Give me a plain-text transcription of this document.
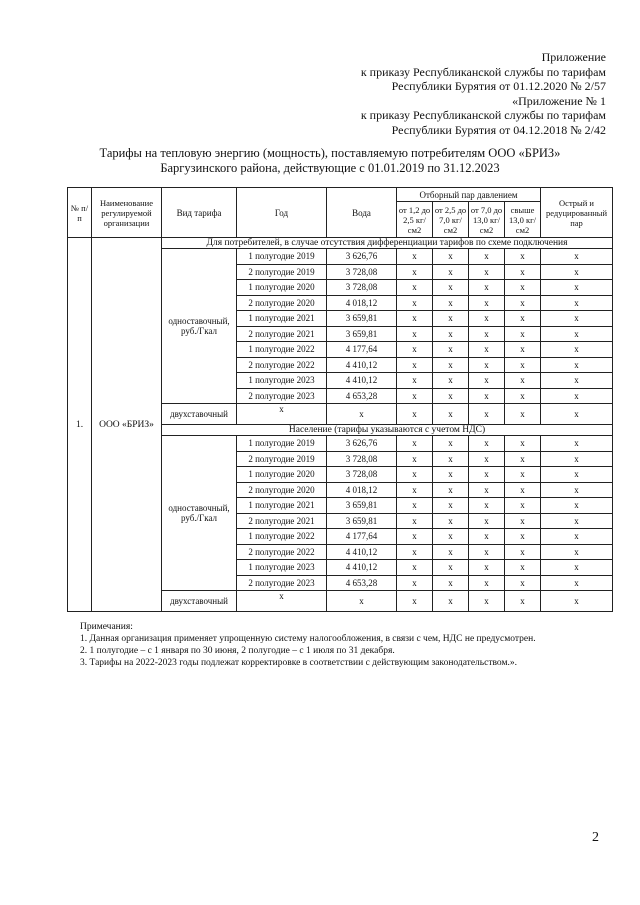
Приложение
к приказу Республиканской службы по тарифам
Республики Бурятия от 01.12.2020 № 2/57
«Приложение № 1
к приказу Республиканской службы по тарифам
Республики Бурятия от 04.12.2018 № 2/42
Тарифы на тепловую энергию (мощность), поставляемую потребителям ООО «БРИЗ»
Баргузинского района, действующие с 01.01.2019 по 31.12.2023
№ п/п	Наименование регулируемой организации	Вид тарифа	Год	Вода	Отборный пар давлением				Острый и редуцированный пар
					от 1,2 до 2,5 кг/см2	от 2,5 до 7,0 кг/см2	от 7,0 до 13,0 кг/см2	свыше 13,0 кг/см2	
1.	ООО «БРИЗ»	Для потребителей, в случае отсутствия дифференциации тарифов по схеме подключения							
		одноставочный, руб./Гкал	1 полугодие 2019	3 626,76	х	х	х	х	х
			2 полугодие 2019	3 728,08	х	х	х	х	х
			1 полугодие 2020	3 728,08	х	х	х	х	х
			2 полугодие 2020	4 018,12	х	х	х	х	х
			1 полугодие 2021	3 659,81	х	х	х	х	х
			2 полугодие 2021	3 659,81	х	х	х	х	х
			1 полугодие 2022	4 177,64	х	х	х	х	х
			2 полугодие 2022	4 410,12	х	х	х	х	х
			1 полугодие 2023	4 410,12	х	х	х	х	х
			2 полугодие 2023	4 653,28	х	х	х	х	х
		двухставочный	х	х	х	х	х	х	х
		Население (тарифы указываются с учетом НДС)							
		одноставочный, руб./Гкал	1 полугодие 2019	3 626,76	х	х	х	х	х
			2 полугодие 2019	3 728,08	х	х	х	х	х
			1 полугодие 2020	3 728,08	х	х	х	х	х
			2 полугодие 2020	4 018,12	х	х	х	х	х
			1 полугодие 2021	3 659,81	х	х	х	х	х
			2 полугодие 2021	3 659,81	х	х	х	х	х
			1 полугодие 2022	4 177,64	х	х	х	х	х
			2 полугодие 2022	4 410,12	х	х	х	х	х
			1 полугодие 2023	4 410,12	х	х	х	х	х
			2 полугодие 2023	4 653,28	х	х	х	х	х
		двухставочный	х	х	х	х	х	х	х
Примечания:
1. Данная организация применяет упрощенную систему налогообложения, в связи с чем, НДС не предусмотрен.
2. 1 полугодие – с 1 января по 30 июня, 2 полугодие – с 1 июля по 31 декабря.
3. Тарифы на 2022-2023 годы подлежат корректировке в соответствии с действующим законодательством.».
2
